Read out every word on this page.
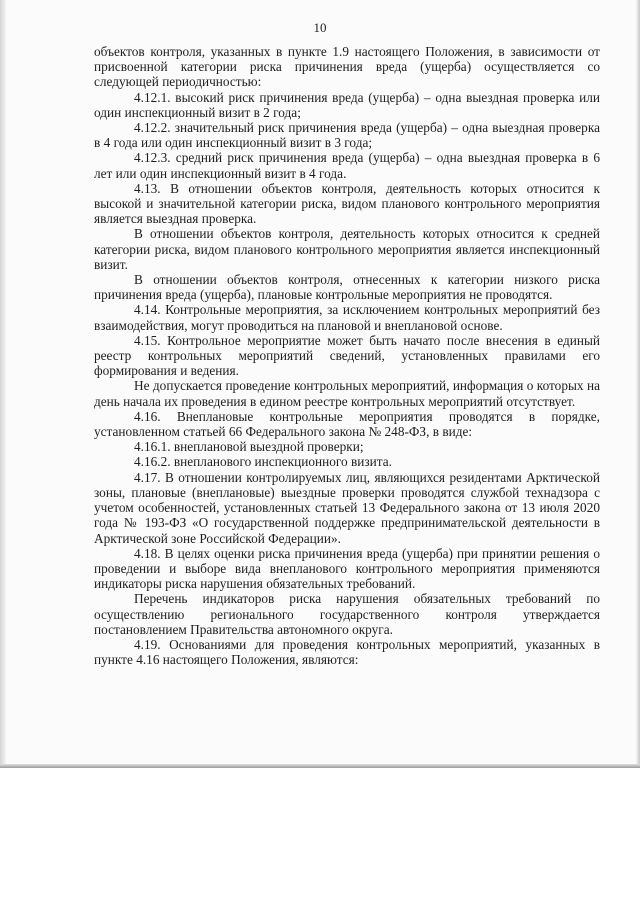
10

объектов контроля, указанных в пункте 1.9 настоящего Положения, в зависимости от присвоенной категории риска причинения вреда (ущерба) осуществляется со следующей периодичностью:

4.12.1. высокий риск причинения вреда (ущерба) – одна выездная проверка или один инспекционный визит в 2 года;

4.12.2. значительный риск причинения вреда (ущерба) – одна выездная проверка в 4 года или один инспекционный визит в 3 года;

4.12.3. средний риск причинения вреда (ущерба) – одна выездная проверка в 6 лет или один инспекционный визит в 4 года.

4.13. В отношении объектов контроля, деятельность которых относится к высокой и значительной категории риска, видом планового контрольного мероприятия является выездная проверка.

В отношении объектов контроля, деятельность которых относится к средней категории риска, видом планового контрольного мероприятия является инспекционный визит.

В отношении объектов контроля, отнесенных к категории низкого риска причинения вреда (ущерба), плановые контрольные мероприятия не проводятся.

4.14. Контрольные мероприятия, за исключением контрольных мероприятий без взаимодействия, могут проводиться на плановой и внеплановой основе.

4.15. Контрольное мероприятие может быть начато после внесения в единый реестр контрольных мероприятий сведений, установленных правилами его формирования и ведения.

Не допускается проведение контрольных мероприятий, информация о которых на день начала их проведения в едином реестре контрольных мероприятий отсутствует.

4.16. Внеплановые контрольные мероприятия проводятся в порядке, установленном статьей 66 Федерального закона № 248-ФЗ, в виде:

4.16.1. внеплановой выездной проверки;

4.16.2. внепланового инспекционного визита.

4.17. В отношении контролируемых лиц, являющихся резидентами Арктической зоны, плановые (внеплановые) выездные проверки проводятся службой технадзора с учетом особенностей, установленных статьей 13 Федерального закона от 13 июля 2020 года № 193-ФЗ «О государственной поддержке предпринимательской деятельности в Арктической зоне Российской Федерации».

4.18. В целях оценки риска причинения вреда (ущерба) при принятии решения о проведении и выборе вида внепланового контрольного мероприятия применяются индикаторы риска нарушения обязательных требований.

Перечень индикаторов риска нарушения обязательных требований по осуществлению регионального государственного контроля утверждается постановлением Правительства автономного округа.

4.19. Основаниями для проведения контрольных мероприятий, указанных в пункте 4.16 настоящего Положения, являются:
